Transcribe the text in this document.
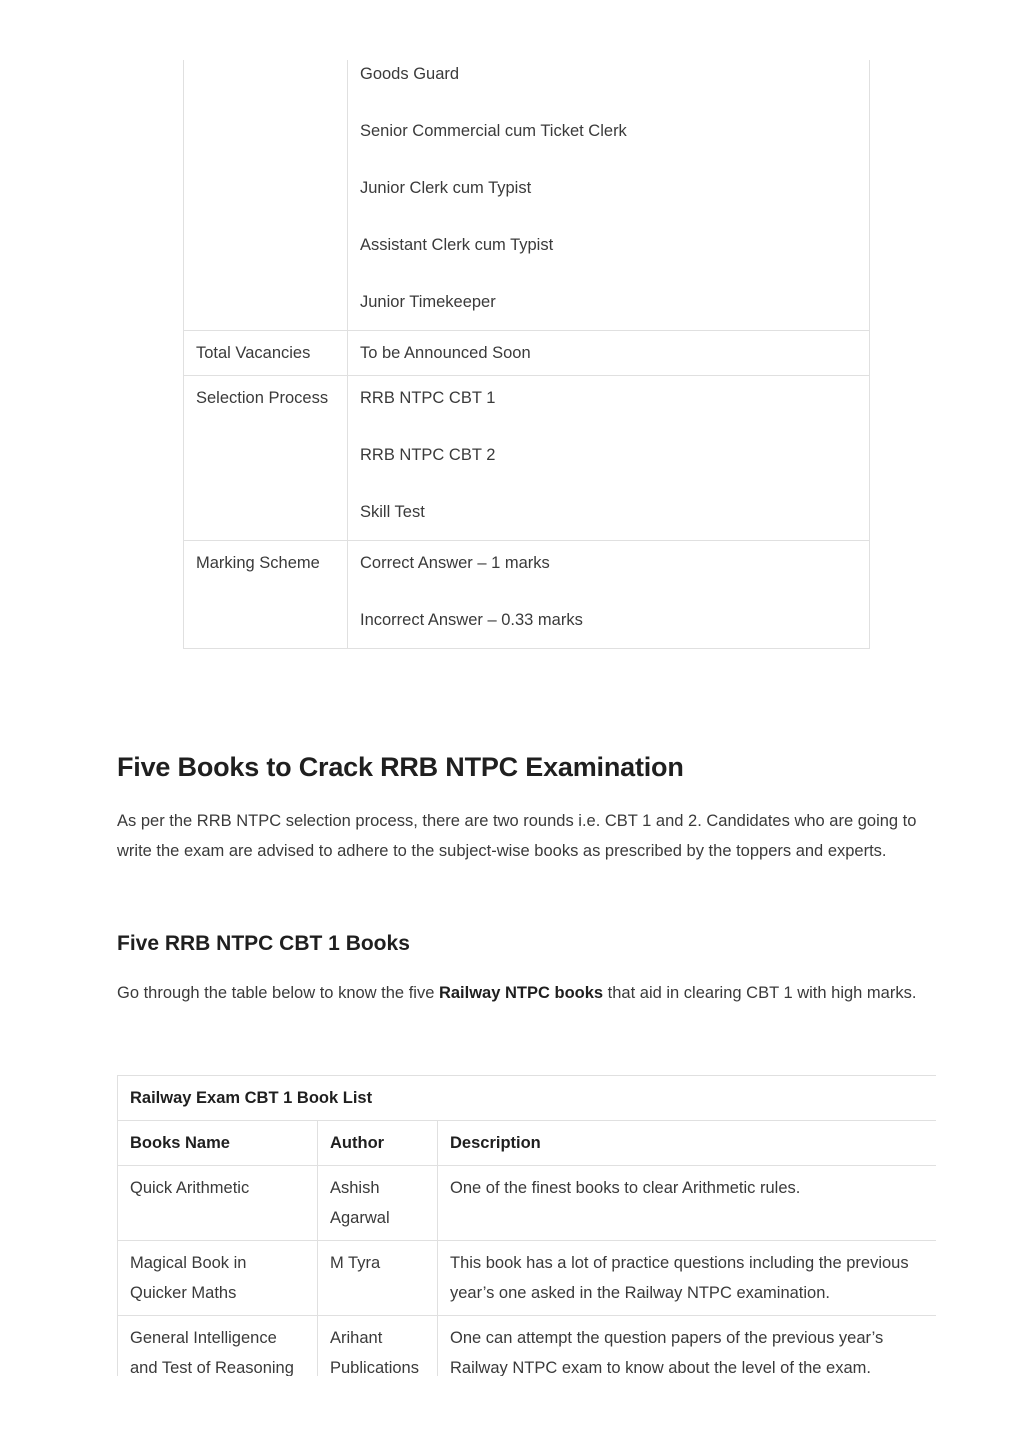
	Goods Guard

Senior Commercial cum Ticket Clerk

Junior Clerk cum Typist

Assistant Clerk cum Typist

Junior Timekeeper

Total Vacancies	To be Announced Soon
Selection Process	RRB NTPC CBT 1

RRB NTPC CBT 2

Skill Test

Marking Scheme	Correct Answer – 1 marks

Incorrect Answer – 0.33 marks

Five Books to Crack RRB NTPC Examination

As per the RRB NTPC selection process, there are two rounds i.e. CBT 1 and 2. Candidates who are going to write the exam are advised to adhere to the subject-wise books as prescribed by the toppers and experts.

Five RRB NTPC CBT 1 Books

Go through the table below to know the five Railway NTPC books that aid in clearing CBT 1 with high marks.

Railway Exam CBT 1 Book List		
Books Name	Author	Description
Quick Arithmetic	Ashish Agarwal	One of the finest books to clear Arithmetic rules.
Magical Book in Quicker Maths	M Tyra	This book has a lot of practice questions including the previous year’s one asked in the Railway NTPC examination.
General Intelligence and Test of Reasoning	Arihant Publications	One can attempt the question papers of the previous year’s Railway NTPC exam to know about the level of the exam.
